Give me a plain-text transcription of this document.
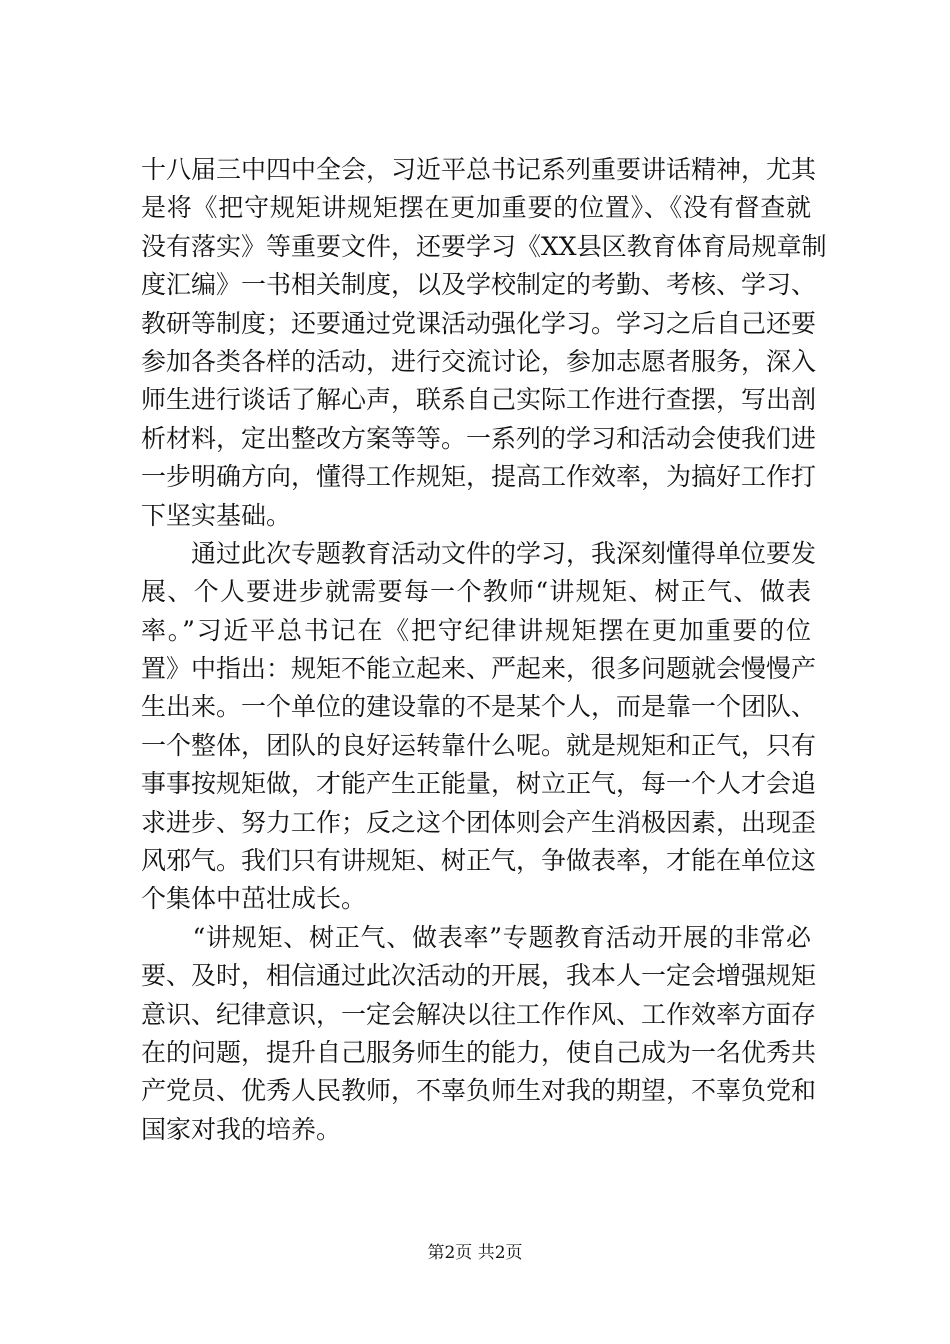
十八届三中四中全会，习近平总书记系列重要讲话精神，尤其
是将《把守规矩讲规矩摆在更加重要的位置》、《没有督查就
没有落实》等重要文件，还要学习《XX县区教育体育局规章制
度汇编》一书相关制度，以及学校制定的考勤、考核、学习、
教研等制度；还要通过党课活动强化学习。学习之后自己还要
参加各类各样的活动，进行交流讨论，参加志愿者服务，深入
师生进行谈话了解心声，联系自己实际工作进行查摆，写出剖
析材料，定出整改方案等等。一系列的学习和活动会使我们进
一步明确方向，懂得工作规矩，提高工作效率，为搞好工作打
下坚实基础。
　　通过此次专题教育活动文件的学习，我深刻懂得单位要发
展、个人要进步就需要每一个教师“讲规矩、树正气、做表
率。”习近平总书记在《把守纪律讲规矩摆在更加重要的位
置》中指出：规矩不能立起来、严起来，很多问题就会慢慢产
生出来。一个单位的建设靠的不是某个人，而是靠一个团队、
一个整体，团队的良好运转靠什么呢。就是规矩和正气，只有
事事按规矩做，才能产生正能量，树立正气，每一个人才会追
求进步、努力工作；反之这个团体则会产生消极因素，出现歪
风邪气。我们只有讲规矩、树正气，争做表率，才能在单位这
个集体中茁壮成长。
　　“讲规矩、树正气、做表率”专题教育活动开展的非常必
要、及时，相信通过此次活动的开展，我本人一定会增强规矩
意识、纪律意识，一定会解决以往工作作风、工作效率方面存
在的问题，提升自己服务师生的能力，使自己成为一名优秀共
产党员、优秀人民教师，不辜负师生对我的期望，不辜负党和
国家对我的培养。
第2页 共2页
